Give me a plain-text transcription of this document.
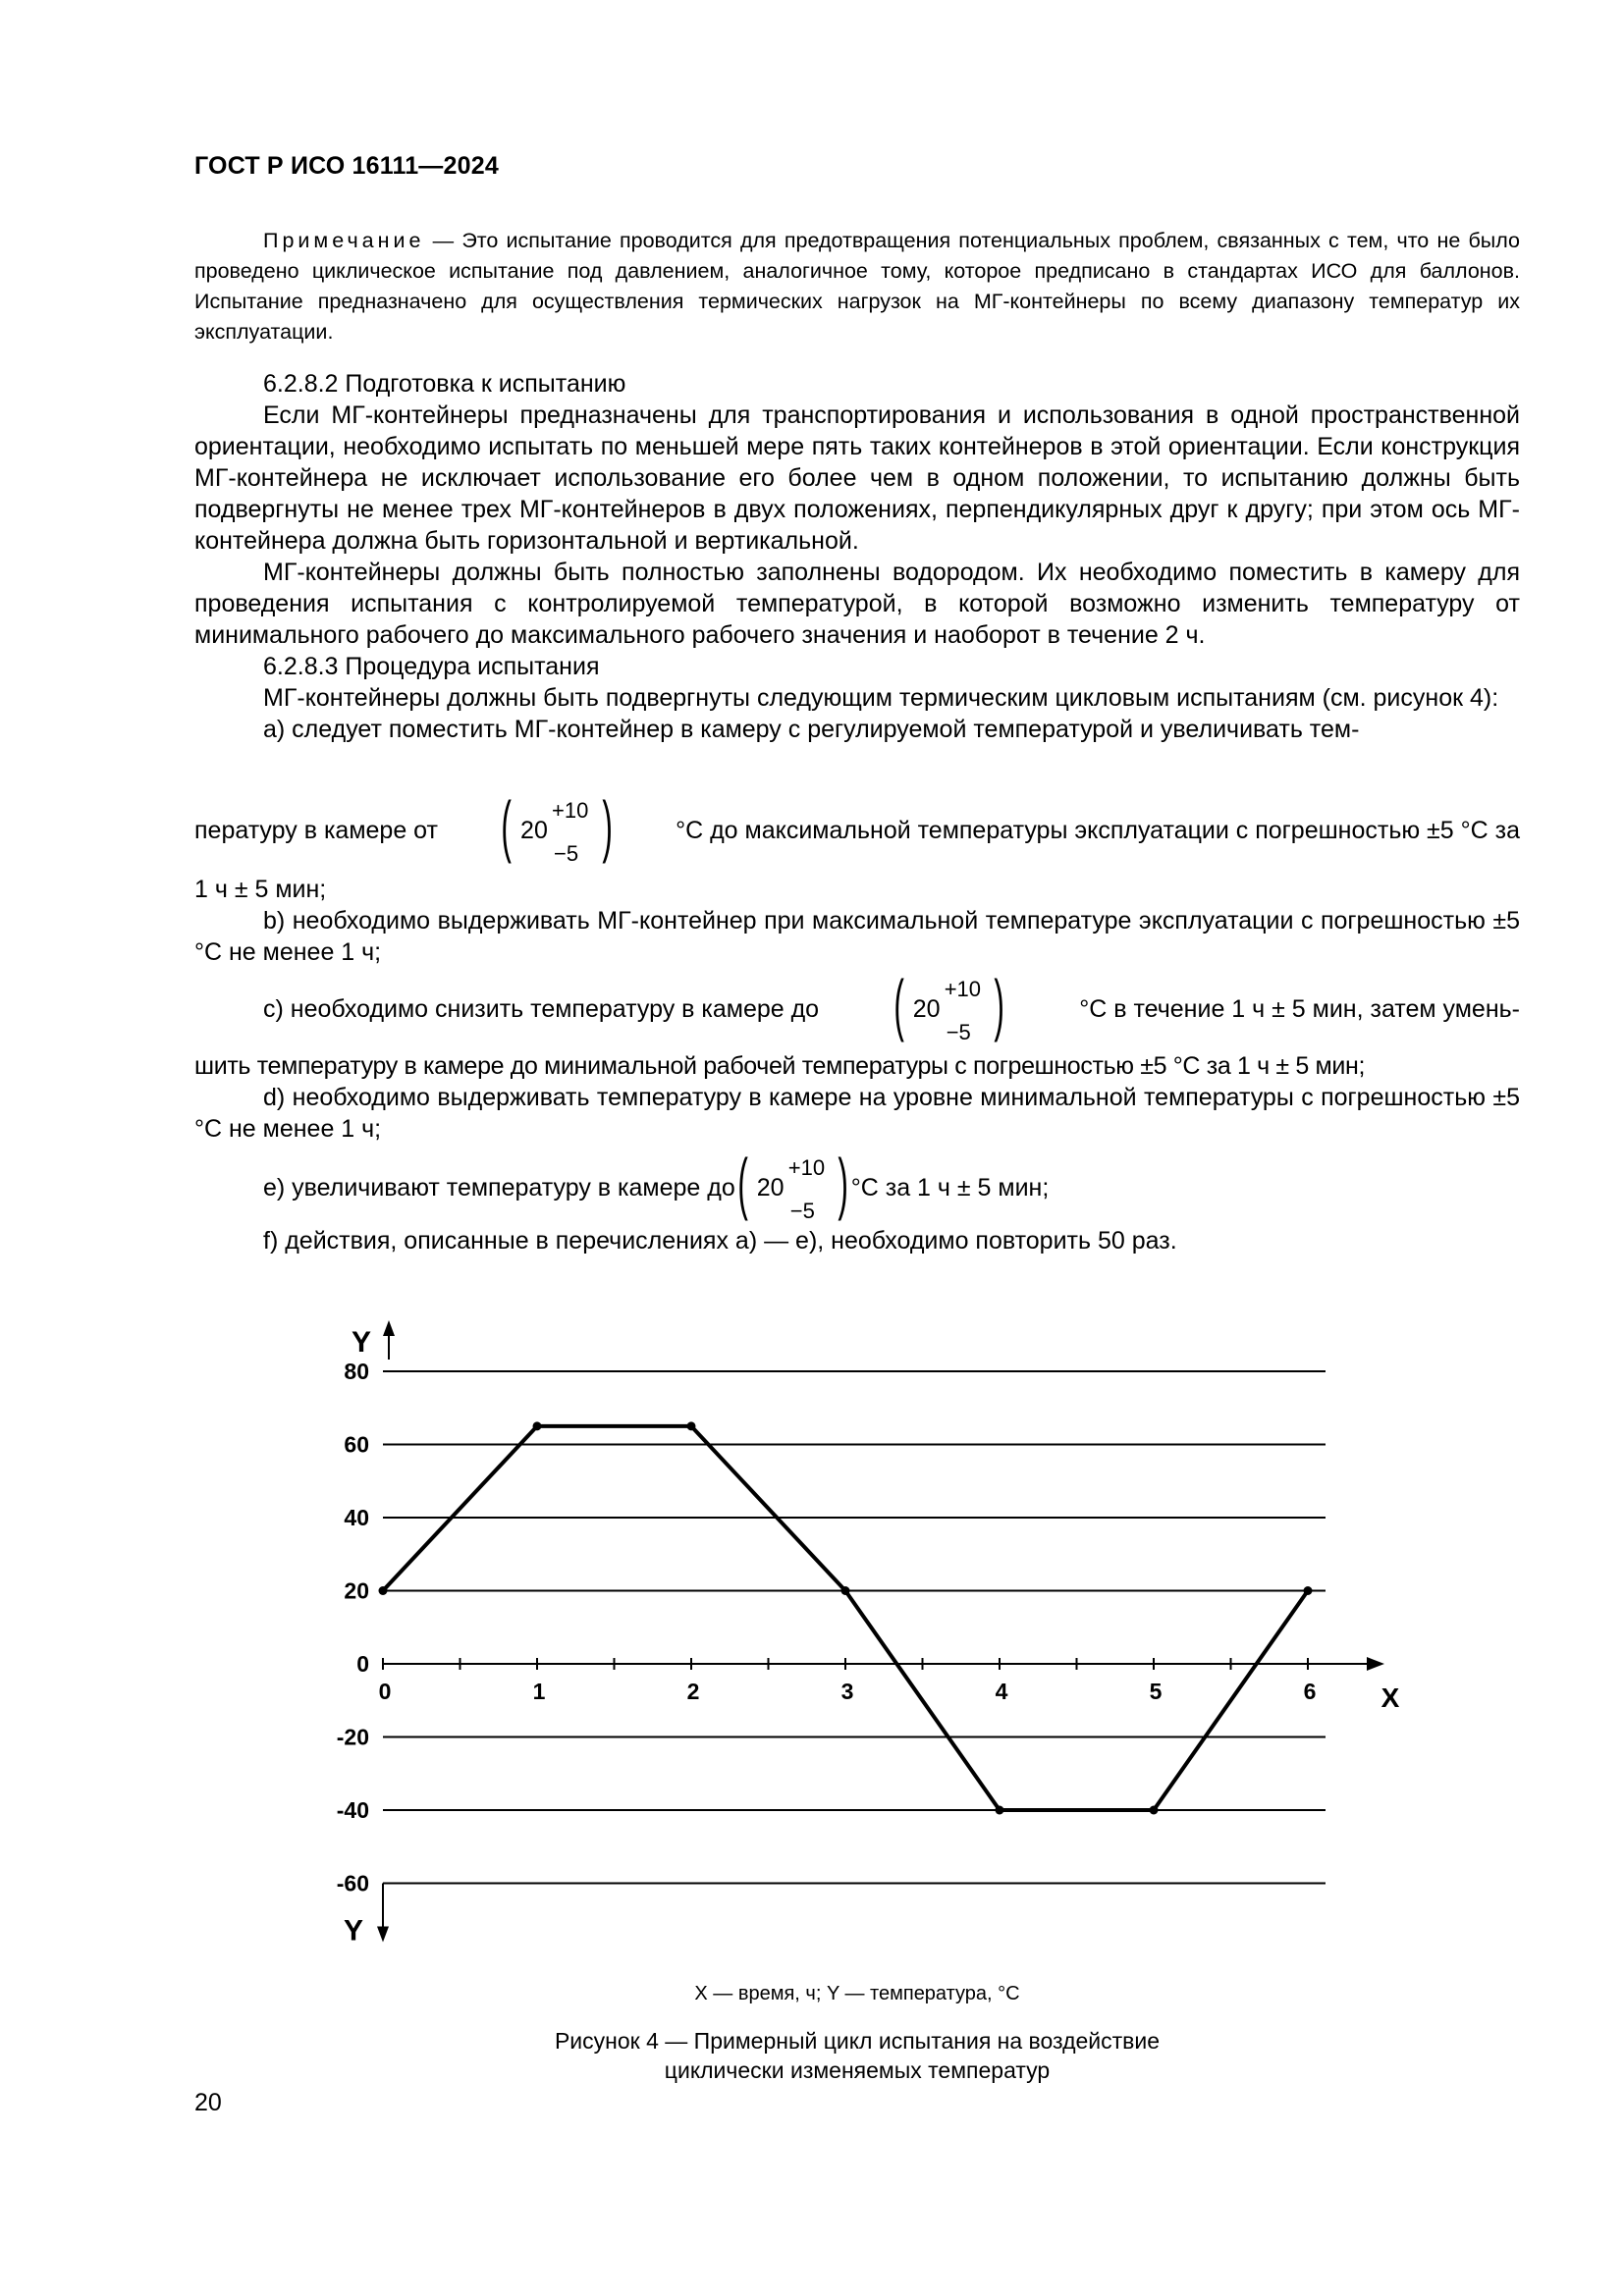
ГОСТ Р ИСО 16111—2024

Примечание — Это испытание проводится для предотвращения потенциальных проблем, связанных с тем, что не было проведено циклическое испытание под давлением, аналогичное тому, которое предписано в стандартах ИСО для баллонов. Испытание предназначено для осуществления термических нагрузок на МГ-контейнеры по всему диапазону температур их эксплуатации.

6.2.8.2 Подготовка к испытанию

Если МГ-контейнеры предназначены для транспортирования и использования в одной пространственной ориентации, необходимо испытать по меньшей мере пять таких контейнеров в этой ориентации. Если конструкция МГ-контейнера не исключает использование его более чем в одном положении, то испытанию должны быть подвергнуты не менее трех МГ-контейнеров в двух положениях, перпендикулярных друг к другу; при этом ось МГ-контейнера должна быть горизонтальной и вертикальной.

МГ-контейнеры должны быть полностью заполнены водородом. Их необходимо поместить в камеру для проведения испытания с контролируемой температурой, в которой возможно изменить температуру от минимального рабочего до максимального рабочего значения и наоборот в течение 2 ч.

6.2.8.3 Процедура испытания

МГ-контейнеры должны быть подвергнуты следующим термическим цикловым испытаниям (см. рисунок 4):

а) следует поместить МГ-контейнер в камеру с регулируемой температурой и увеличивать тем-

пературу в камере от ( )
20
+10
−5
°С до максимальной температуры эксплуатации с погрешностью ±5 °С за

1 ч ± 5 мин;

b) необходимо выдерживать МГ-контейнер при максимальной температуре эксплуатации с погрешностью ±5 °С не менее 1 ч;

с) необходимо снизить температуру в камере до ( )
20
+10
−5
°С в течение 1 ч ± 5 мин, затем умень-

шить температуру в камере до минимальной рабочей температуры с погрешностью ±5 °С за 1 ч ± 5 мин;

d) необходимо выдерживать температуру в камере на уровне минимальной температуры с погрешностью ±5 °С не менее 1 ч;

е) увеличивают температуру в камере до ( )
20
+10
−5
°С за 1 ч ± 5 мин;
f) действия, описанные в перечислениях а) — е), необходимо повторить 50 раз.
80
60
40
20
0
-20
-40
-60
Y
Y
0	1	2	3	4	5	6 X
X — время, ч; Y — температура, °С
Рисунок 4 — Примерный цикл испытания на воздействие
циклически изменяемых температур
20
